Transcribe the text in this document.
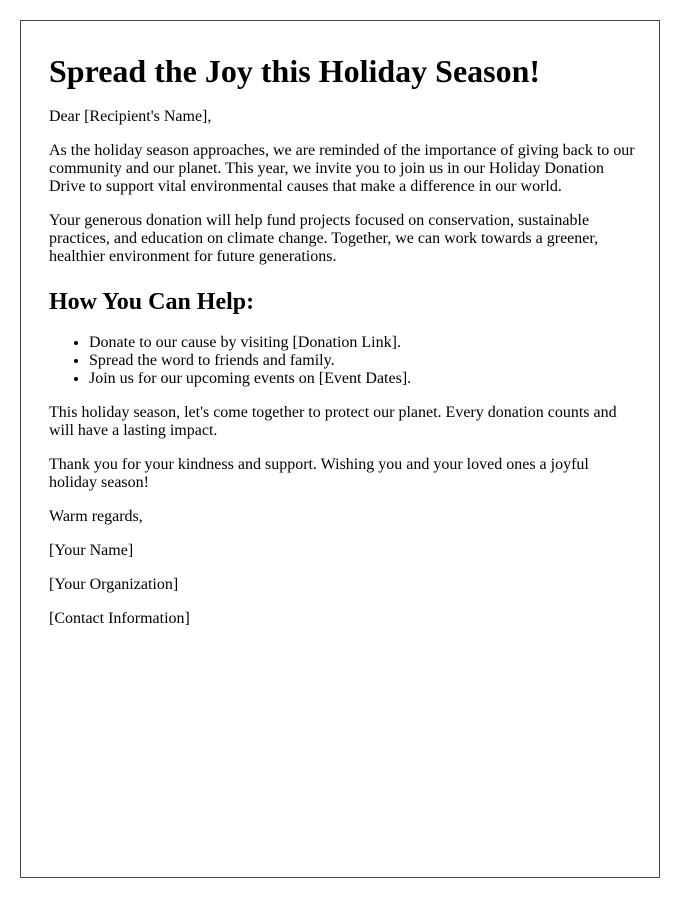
Spread the Joy this Holiday Season!

Dear [Recipient's Name],

As the holiday season approaches, we are reminded of the importance of giving back to our community and our planet. This year, we invite you to join us in our Holiday Donation Drive to support vital environmental causes that make a difference in our world.

Your generous donation will help fund projects focused on conservation, sustainable practices, and education on climate change. Together, we can work towards a greener, healthier environment for future generations.

How You Can Help:
• Donate to our cause by visiting [Donation Link].
• Spread the word to friends and family.
• Join us for our upcoming events on [Event Dates].

This holiday season, let's come together to protect our planet. Every donation counts and will have a lasting impact.

Thank you for your kindness and support. Wishing you and your loved ones a joyful holiday season!

Warm regards,

[Your Name]

[Your Organization]

[Contact Information]
